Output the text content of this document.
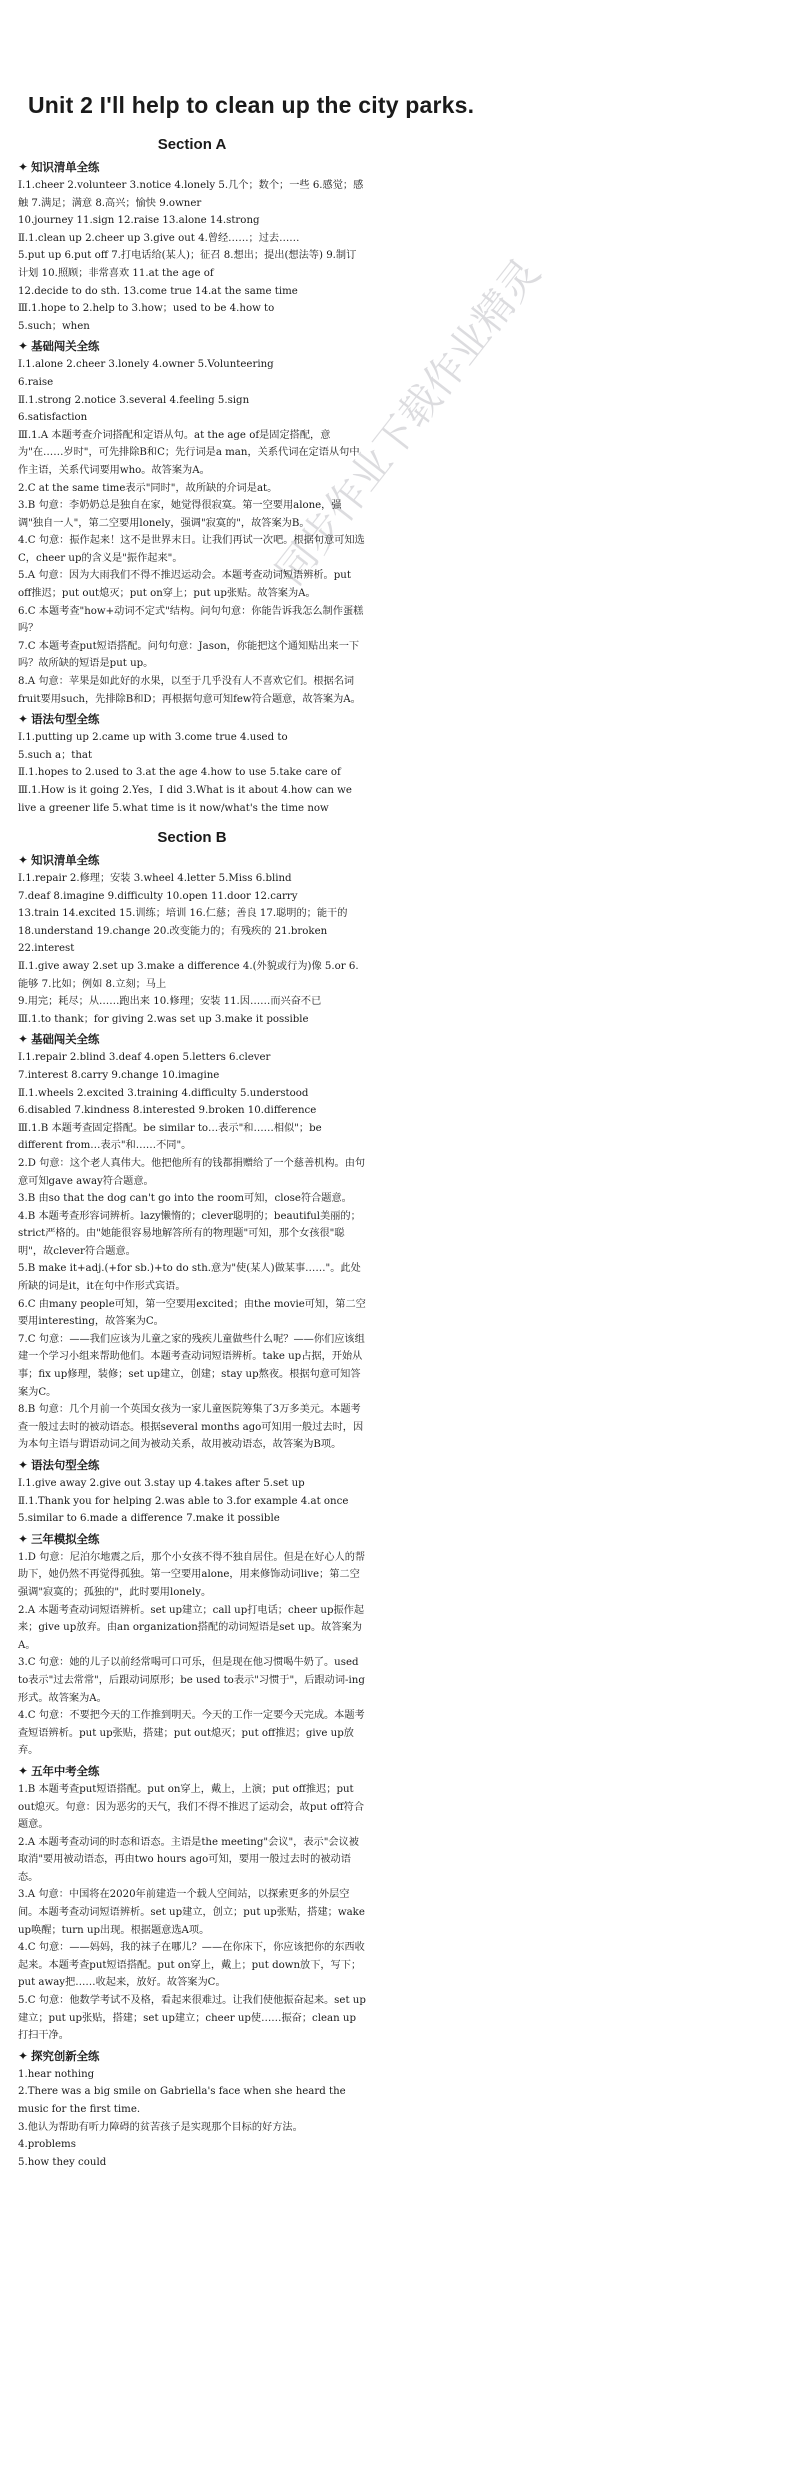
Unit 2 I'll help to clean up the city parks.
同步作业下载作业精灵

Section A

✦ 知识清单全练

Ⅰ.1.cheer 2.volunteer 3.notice 4.lonely 5.几个；数个；一些 6.感觉；感触 7.满足；满意 8.高兴；愉快 9.owner

10.journey 11.sign 12.raise 13.alone 14.strong

Ⅱ.1.clean up 2.cheer up 3.give out 4.曾经……；过去……

5.put up 6.put off 7.打电话给(某人)；征召 8.想出；提出(想法等) 9.制订计划 10.照顾；非常喜欢 11.at the age of

12.decide to do sth. 13.come true 14.at the same time

Ⅲ.1.hope to 2.help to 3.how；used to be 4.how to

5.such；when

✦ 基础闯关全练

Ⅰ.1.alone 2.cheer 3.lonely 4.owner 5.Volunteering

6.raise

Ⅱ.1.strong 2.notice 3.several 4.feeling 5.sign

6.satisfaction

Ⅲ.1.A 本题考查介词搭配和定语从句。at the age of是固定搭配，意为"在……岁时"，可先排除B和C；先行词是a man，关系代词在定语从句中作主语，关系代词要用who。故答案为A。

2.C at the same time表示"同时"，故所缺的介词是at。

3.B 句意：李奶奶总是独自在家，她觉得很寂寞。第一空要用alone，强调"独自一人"，第二空要用lonely，强调"寂寞的"，故答案为B。

4.C 句意：振作起来！这不是世界末日。让我们再试一次吧。根据句意可知选C，cheer up的含义是"振作起来"。

5.A 句意：因为大雨我们不得不推迟运动会。本题考查动词短语辨析。put off推迟；put out熄灭；put on穿上；put up张贴。故答案为A。

6.C 本题考查"how+动词不定式"结构。问句句意：你能告诉我怎么制作蛋糕吗？

7.C 本题考查put短语搭配。问句句意：Jason，你能把这个通知贴出来一下吗？故所缺的短语是put up。

8.A 句意：苹果是如此好的水果，以至于几乎没有人不喜欢它们。根据名词fruit要用such，先排除B和D；再根据句意可知few符合题意，故答案为A。

✦ 语法句型全练

Ⅰ.1.putting up 2.came up with 3.come true 4.used to

5.such a；that

Ⅱ.1.hopes to 2.used to 3.at the age 4.how to use 5.take care of

Ⅲ.1.How is it going 2.Yes，I did 3.What is it about 4.how can we live a greener life 5.what time is it now/what's the time now

Section B

✦ 知识清单全练

Ⅰ.1.repair 2.修理；安装 3.wheel 4.letter 5.Miss 6.blind

7.deaf 8.imagine 9.difficulty 10.open 11.door 12.carry

13.train 14.excited 15.训练；培训 16.仁慈；善良 17.聪明的；能干的 18.understand 19.change 20.改变能力的；有残疾的 21.broken 22.interest

Ⅱ.1.give away 2.set up 3.make a difference 4.(外貌或行为)像 5.or 6.能够 7.比如；例如 8.立刻；马上

9.用完；耗尽；从……跑出来 10.修理；安装 11.因……而兴奋不已

Ⅲ.1.to thank；for giving 2.was set up 3.make it possible

✦ 基础闯关全练

Ⅰ.1.repair 2.blind 3.deaf 4.open 5.letters 6.clever

7.interest 8.carry 9.change 10.imagine

Ⅱ.1.wheels 2.excited 3.training 4.difficulty 5.understood

6.disabled 7.kindness 8.interested 9.broken 10.difference

Ⅲ.1.B 本题考查固定搭配。be similar to…表示"和……相似"；be different from…表示"和……不同"。

2.D 句意：这个老人真伟大。他把他所有的钱都捐赠给了一个慈善机构。由句意可知gave away符合题意。

3.B 由so that the dog can't go into the room可知，close符合题意。

4.B 本题考查形容词辨析。lazy懒惰的；clever聪明的；beautiful美丽的；strict严格的。由"她能很容易地解答所有的物理题"可知，那个女孩很"聪明"，故clever符合题意。

5.B make it+adj.(+for sb.)+to do sth.意为"使(某人)做某事……"。此处所缺的词是it，it在句中作形式宾语。

6.C 由many people可知，第一空要用excited；由the movie可知，第二空要用interesting，故答案为C。

7.C 句意：——我们应该为儿童之家的残疾儿童做些什么呢？——你们应该组建一个学习小组来帮助他们。本题考查动词短语辨析。take up占据，开始从事；fix up修理，装修；set up建立，创建；stay up熬夜。根据句意可知答案为C。

8.B 句意：几个月前一个英国女孩为一家儿童医院筹集了3万多美元。本题考查一般过去时的被动语态。根据several months ago可知用一般过去时，因为本句主语与谓语动词之间为被动关系，故用被动语态，故答案为B项。

✦ 语法句型全练

Ⅰ.1.give away 2.give out 3.stay up 4.takes after 5.set up

Ⅱ.1.Thank you for helping 2.was able to 3.for example 4.at once 5.similar to 6.made a difference 7.make it possible

✦ 三年模拟全练

1.D 句意：尼泊尔地震之后，那个小女孩不得不独自居住。但是在好心人的帮助下，她仍然不再觉得孤独。第一空要用alone，用来修饰动词live；第二空强调"寂寞的；孤独的"，此时要用lonely。

2.A 本题考查动词短语辨析。set up建立；call up打电话；cheer up振作起来；give up放弃。由an organization搭配的动词短语是set up。故答案为A。

3.C 句意：她的儿子以前经常喝可口可乐，但是现在他习惯喝牛奶了。used to表示"过去常常"，后跟动词原形；be used to表示"习惯于"，后跟动词-ing形式。故答案为A。

4.C 句意：不要把今天的工作推到明天。今天的工作一定要今天完成。本题考查短语辨析。put up张贴，搭建；put out熄灭；put off推迟；give up放弃。

✦ 五年中考全练

1.B 本题考查put短语搭配。put on穿上，戴上，上演；put off推迟；put out熄灭。句意：因为恶劣的天气，我们不得不推迟了运动会，故put off符合题意。

2.A 本题考查动词的时态和语态。主语是the meeting"会议"，表示"会议被取消"要用被动语态，再由two hours ago可知，要用一般过去时的被动语态。

3.A 句意：中国将在2020年前建造一个载人空间站，以探索更多的外层空间。本题考查动词短语辨析。set up建立，创立；put up张贴，搭建；wake up唤醒；turn up出现。根据题意选A项。

4.C 句意：——妈妈，我的袜子在哪儿？——在你床下，你应该把你的东西收起来。本题考查put短语搭配。put on穿上，戴上；put down放下，写下；put away把……收起来，放好。故答案为C。

5.C 句意：他数学考试不及格，看起来很难过。让我们使他振奋起来。set up建立；put up张贴，搭建；set up建立；cheer up使……振奋；clean up打扫干净。

✦ 探究创新全练

1.hear nothing

2.There was a big smile on Gabriella's face when she heard the music for the first time.

3.他认为帮助有听力障碍的贫苦孩子是实现那个目标的好方法。

4.problems

5.how they could
